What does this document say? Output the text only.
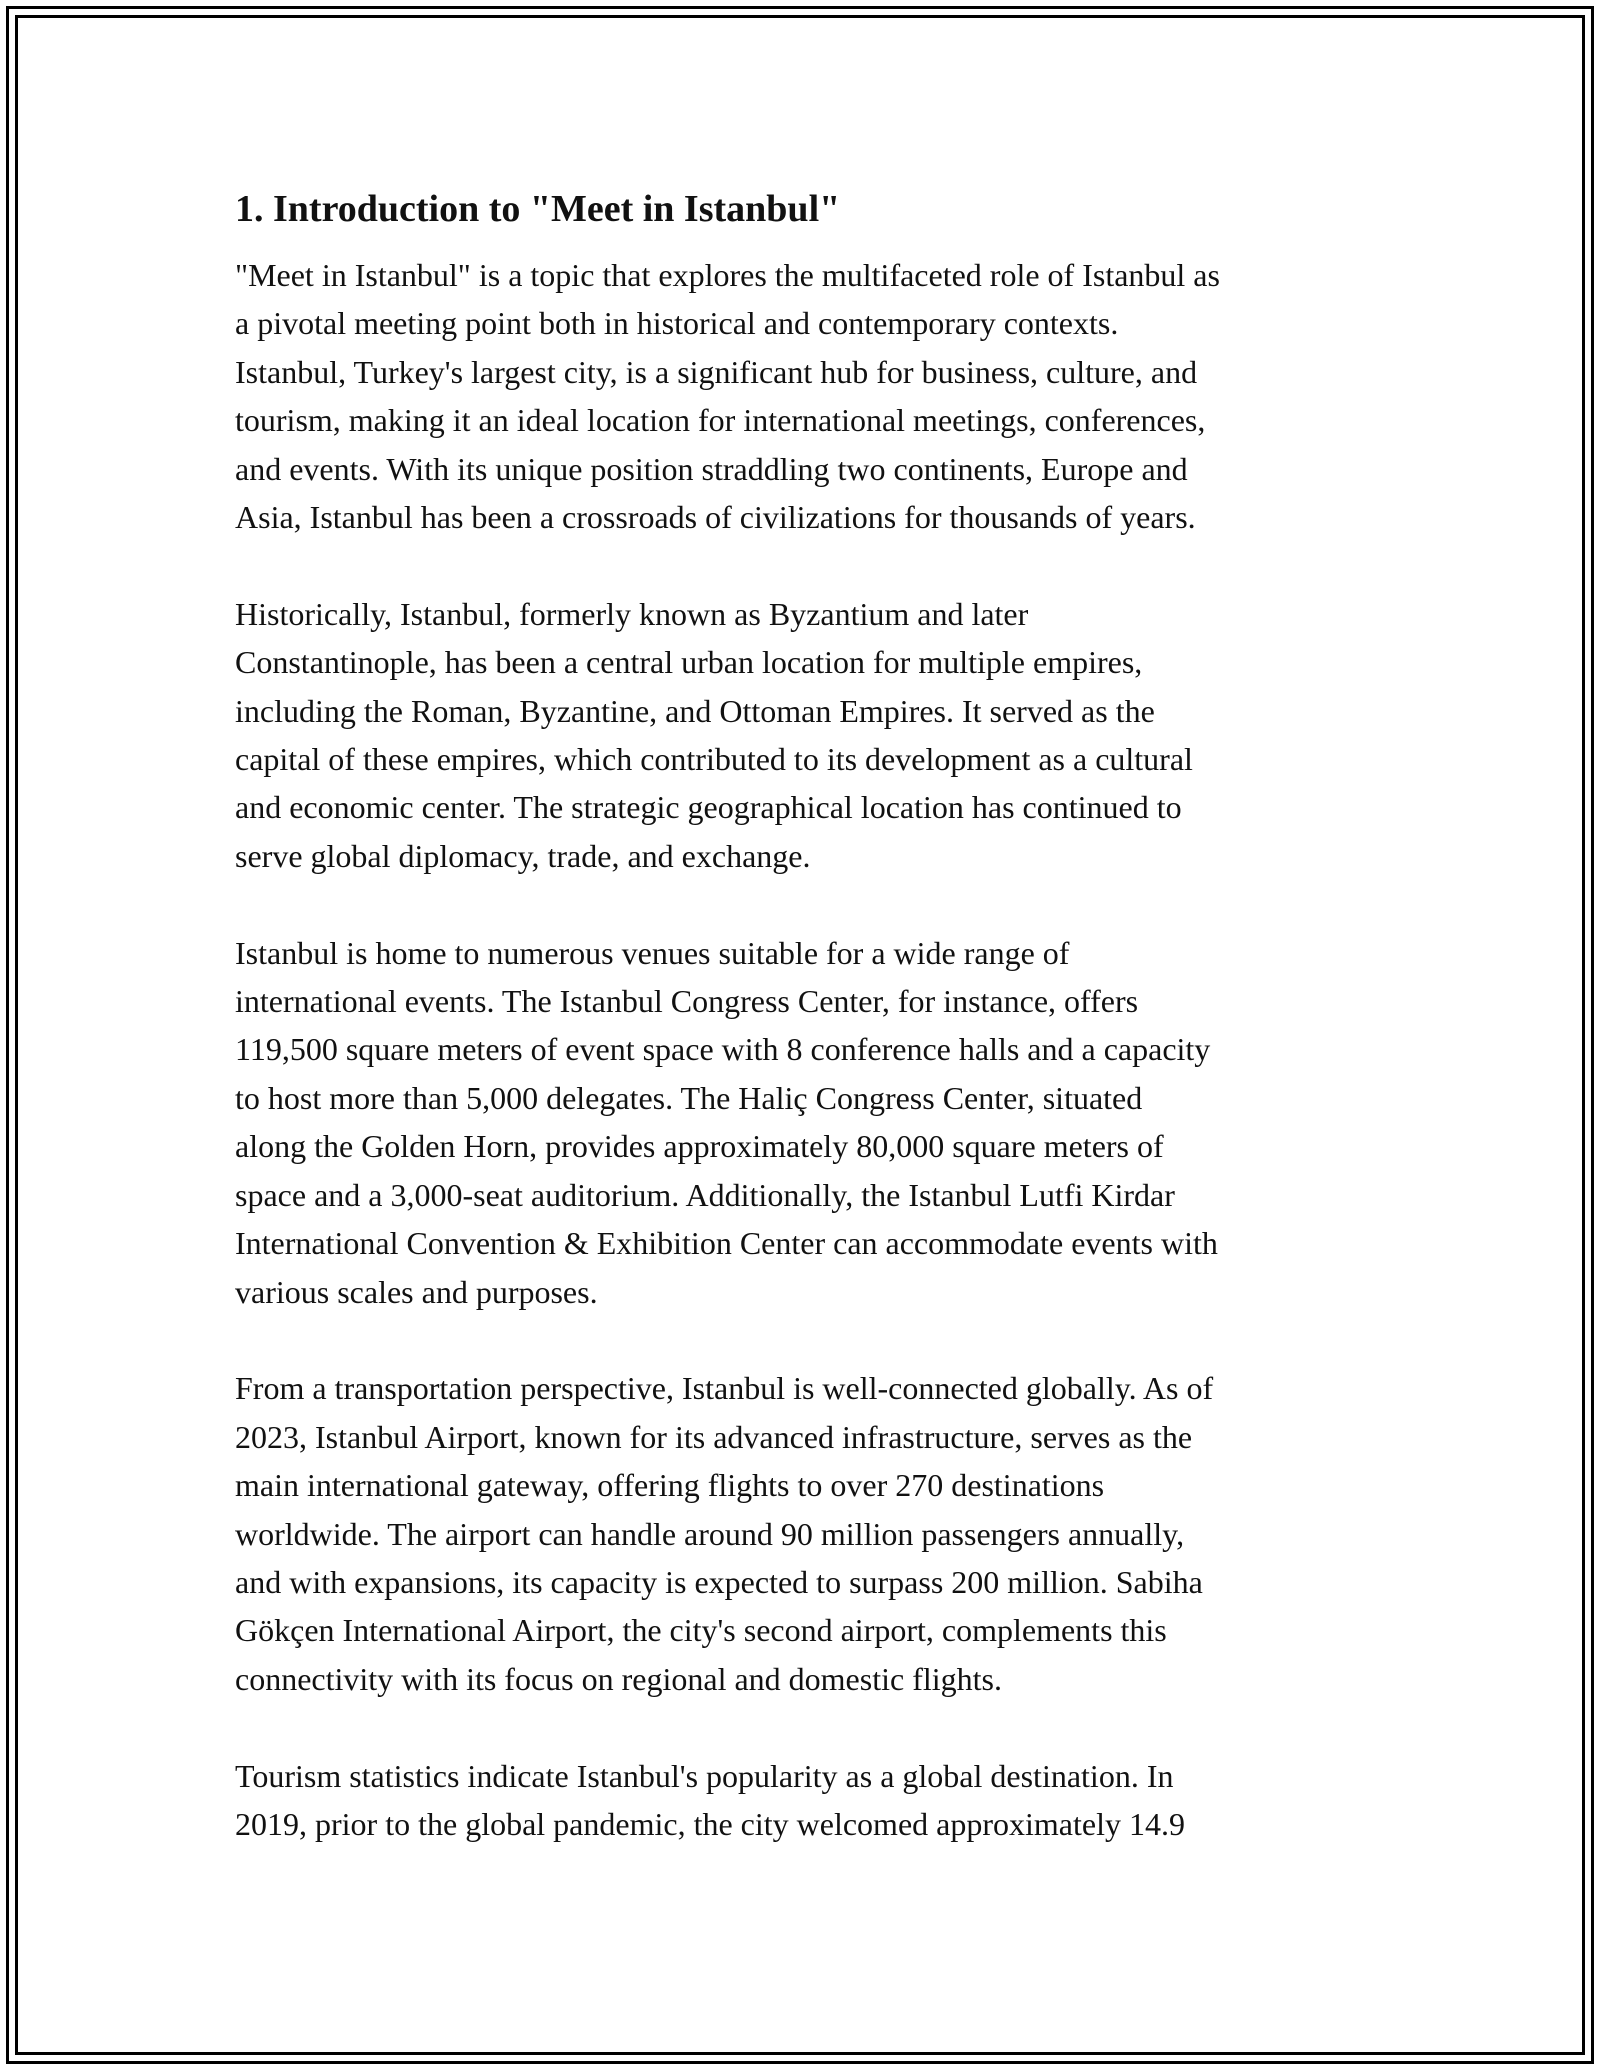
1. Introduction to "Meet in Istanbul"

"Meet in Istanbul" is a topic that explores the multifaceted role of Istanbul as
a pivotal meeting point both in historical and contemporary contexts.
Istanbul, Turkey's largest city, is a significant hub for business, culture, and
tourism, making it an ideal location for international meetings, conferences,
and events. With its unique position straddling two continents, Europe and
Asia, Istanbul has been a crossroads of civilizations for thousands of years.

Historically, Istanbul, formerly known as Byzantium and later
Constantinople, has been a central urban location for multiple empires,
including the Roman, Byzantine, and Ottoman Empires. It served as the
capital of these empires, which contributed to its development as a cultural
and economic center. The strategic geographical location has continued to
serve global diplomacy, trade, and exchange.

Istanbul is home to numerous venues suitable for a wide range of
international events. The Istanbul Congress Center, for instance, offers
119,500 square meters of event space with 8 conference halls and a capacity
to host more than 5,000 delegates. The Haliç Congress Center, situated
along the Golden Horn, provides approximately 80,000 square meters of
space and a 3,000-seat auditorium. Additionally, the Istanbul Lutfi Kirdar
International Convention & Exhibition Center can accommodate events with
various scales and purposes.

From a transportation perspective, Istanbul is well-connected globally. As of
2023, Istanbul Airport, known for its advanced infrastructure, serves as the
main international gateway, offering flights to over 270 destinations
worldwide. The airport can handle around 90 million passengers annually,
and with expansions, its capacity is expected to surpass 200 million. Sabiha
Gökçen International Airport, the city's second airport, complements this
connectivity with its focus on regional and domestic flights.

Tourism statistics indicate Istanbul's popularity as a global destination. In
2019, prior to the global pandemic, the city welcomed approximately 14.9
